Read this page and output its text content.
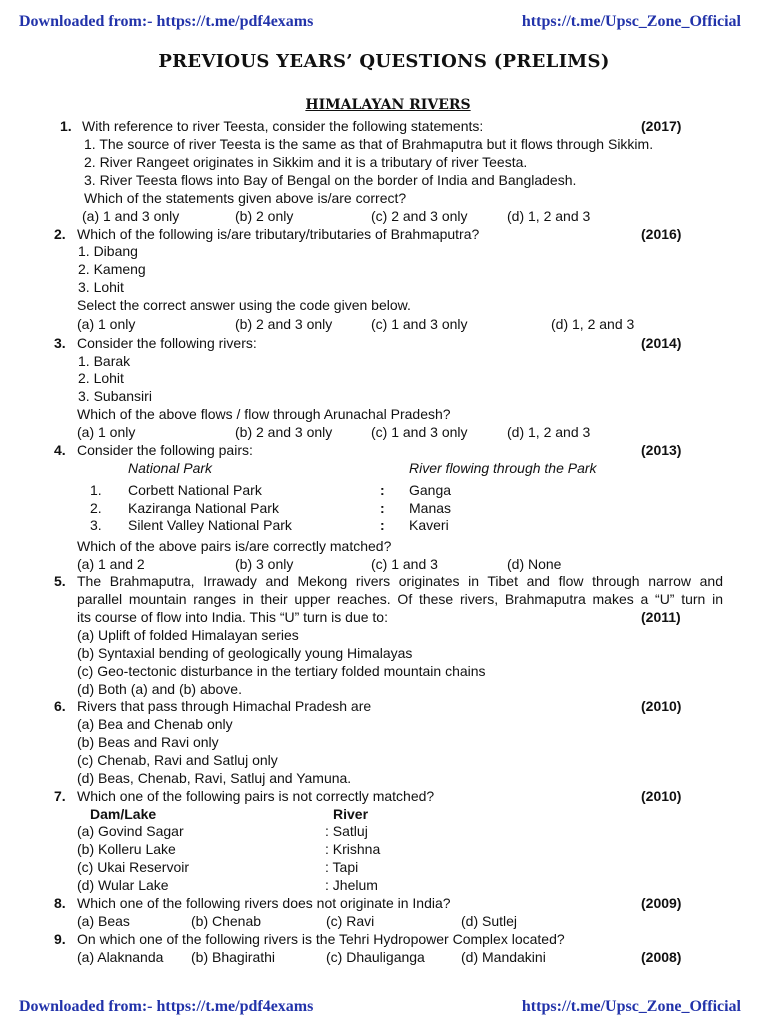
Downloaded from:- https://t.me/pdf4exams	https://t.me/Upsc_Zone_Official
PREVIOUS YEARS’ QUESTIONS (PRELIMS)
HIMALAYAN RIVERS
1. With reference to river Teesta, consider the following statements:	(2017)
1. The source of river Teesta is the same as that of Brahmaputra but it flows through Sikkim.
2. River Rangeet originates in Sikkim and it is a tributary of river Teesta.
3. River Teesta flows into Bay of Bengal on the border of India and Bangladesh.
Which of the statements given above is/are correct?
(a) 1 and 3 only	(b) 2 only	(c) 2 and 3 only	(d) 1, 2 and 3
2. Which of the following is/are tributary/tributaries of Brahmaputra?	(2016)
1. Dibang
2. Kameng
3. Lohit
Select the correct answer using the code given below.
(a) 1 only	(b) 2 and 3 only	(c) 1 and 3 only	(d) 1, 2 and 3
3. Consider the following rivers:	(2014)
1. Barak
2. Lohit
3. Subansiri
Which of the above flows / flow through Arunachal Pradesh?
(a) 1 only	(b) 2 and 3 only	(c) 1 and 3 only	(d) 1, 2 and 3
4. Consider the following pairs:	(2013)
National Park	River flowing through the Park
1. Corbett National Park	: Ganga
2. Kaziranga National Park	: Manas
3. Silent Valley National Park	: Kaveri
Which of the above pairs is/are correctly matched?
(a) 1 and 2	(b) 3 only	(c) 1 and 3	(d) None
5. The Brahmaputra, Irrawady and Mekong rivers originates in Tibet and flow through narrow and
parallel mountain ranges in their upper reaches. Of these rivers, Brahmaputra makes a “U” turn in
its course of flow into India. This “U” turn is due to:	(2011)
(a) Uplift of folded Himalayan series
(b) Syntaxial bending of geologically young Himalayas
(c) Geo-tectonic disturbance in the tertiary folded mountain chains
(d) Both (a) and (b) above.
6. Rivers that pass through Himachal Pradesh are	(2010)
(a) Bea and Chenab only
(b) Beas and Ravi only
(c) Chenab, Ravi and Satluj only
(d) Beas, Chenab, Ravi, Satluj and Yamuna.
7. Which one of the following pairs is not correctly matched?	(2010)
Dam/Lake	River
(a) Govind Sagar	: Satluj
(b) Kolleru Lake	: Krishna
(c) Ukai Reservoir	: Tapi
(d) Wular Lake	: Jhelum
8. Which one of the following rivers does not originate in India?	(2009)
(a) Beas	(b) Chenab	(c) Ravi	(d) Sutlej
9. On which one of the following rivers is the Tehri Hydropower Complex located?
(a) Alaknanda (b) Bhagirathi	(c) Dhauliganga	(d) Mandakini	(2008)
Downloaded from:- https://t.me/pdf4exams	https://t.me/Upsc_Zone_Official
